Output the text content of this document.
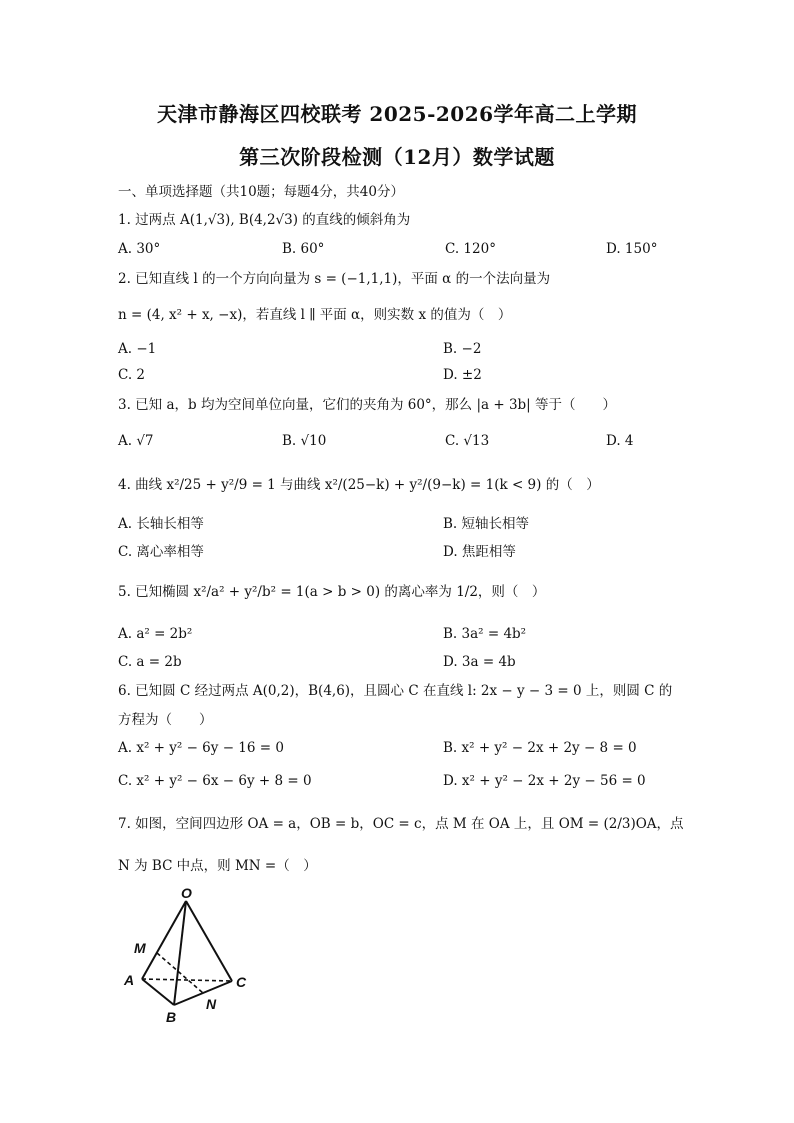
天津市静海区四校联考 2025-2026学年高二上学期
第三次阶段检测（12月）数学试题
一、单项选择题（共10题；每题4分，共40分）
1. 过两点 A(1,√3), B(4,2√3) 的直线的倾斜角为
A. 30°	B. 60°	C. 120°	D. 150°
2. 已知直线 l 的一个方向向量为 s = (−1,1,1)，平面 α 的一个法向量为
n = (4, x² + x, −x)，若直线 l ∥ 平面 α，则实数 x 的值为（　）
A. −1	B. −2
C. 2	D. ±2
3. 已知 a，b 均为空间单位向量，它们的夹角为 60°，那么 |a + 3b| 等于（　　）
A. √7	B. √10	C. √13	D. 4
4. 曲线 x²/25 + y²/9 = 1 与曲线 x²/(25−k) + y²/(9−k) = 1(k < 9) 的（　）
A. 长轴长相等	B. 短轴长相等
C. 离心率相等	D. 焦距相等
5. 已知椭圆 x²/a² + y²/b² = 1(a > b > 0) 的离心率为 1/2，则（　）
A. a² = 2b²	B. 3a² = 4b²
C. a = 2b	D. 3a = 4b
6. 已知圆 C 经过两点 A(0,2)，B(4,6)，且圆心 C 在直线 l: 2x − y − 3 = 0 上，则圆 C 的
方程为（　　）
A. x² + y² − 6y − 16 = 0	B. x² + y² − 2x + 2y − 8 = 0
C. x² + y² − 6x − 6y + 8 = 0	D. x² + y² − 2x + 2y − 56 = 0
7. 如图，空间四边形 OA = a，OB = b，OC = c，点 M 在 OA 上，且 OM = (2/3)OA，点
N 为 BC 中点，则 MN =（　）
O
M
A
B
C
N
